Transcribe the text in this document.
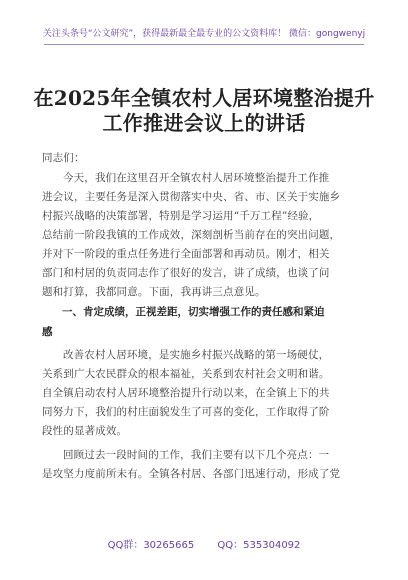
关注头条号“公文研究”，获得最新最全最专业的公文资料库！ 微信：gongwenyj
在2025年全镇农村人居环境整治提升
工作推进会议上的讲话
同志们：
今天，我们在这里召开全镇农村人居环境整治提升工作推
进会议，主要任务是深入贯彻落实中央、省、市、区关于实施乡
村振兴战略的决策部署，特别是学习运用“千万工程”经验，
总结前一阶段我镇的工作成效，深刻剖析当前存在的突出问题，
并对下一阶段的重点任务进行全面部署和再动员。刚才，相关
部门和村居的负责同志作了很好的发言，讲了成绩，也谈了问
题和打算，我都同意。下面，我再讲三点意见。
一、肯定成绩，正视差距，切实增强工作的责任感和紧迫
感
改善农村人居环境，是实施乡村振兴战略的第一场硬仗，
关系到广大农民群众的根本福祉，关系到农村社会文明和谐。
自全镇启动农村人居环境整治提升行动以来，在全镇上下的共
同努力下，我们的村庄面貌发生了可喜的变化，工作取得了阶
段性的显著成效。
回顾过去一段时间的工作，我们主要有以下几个亮点：一
是攻坚力度前所未有。全镇各村居、各部门迅速行动，形成了党
QQ群：30265665 QQ：535304092
